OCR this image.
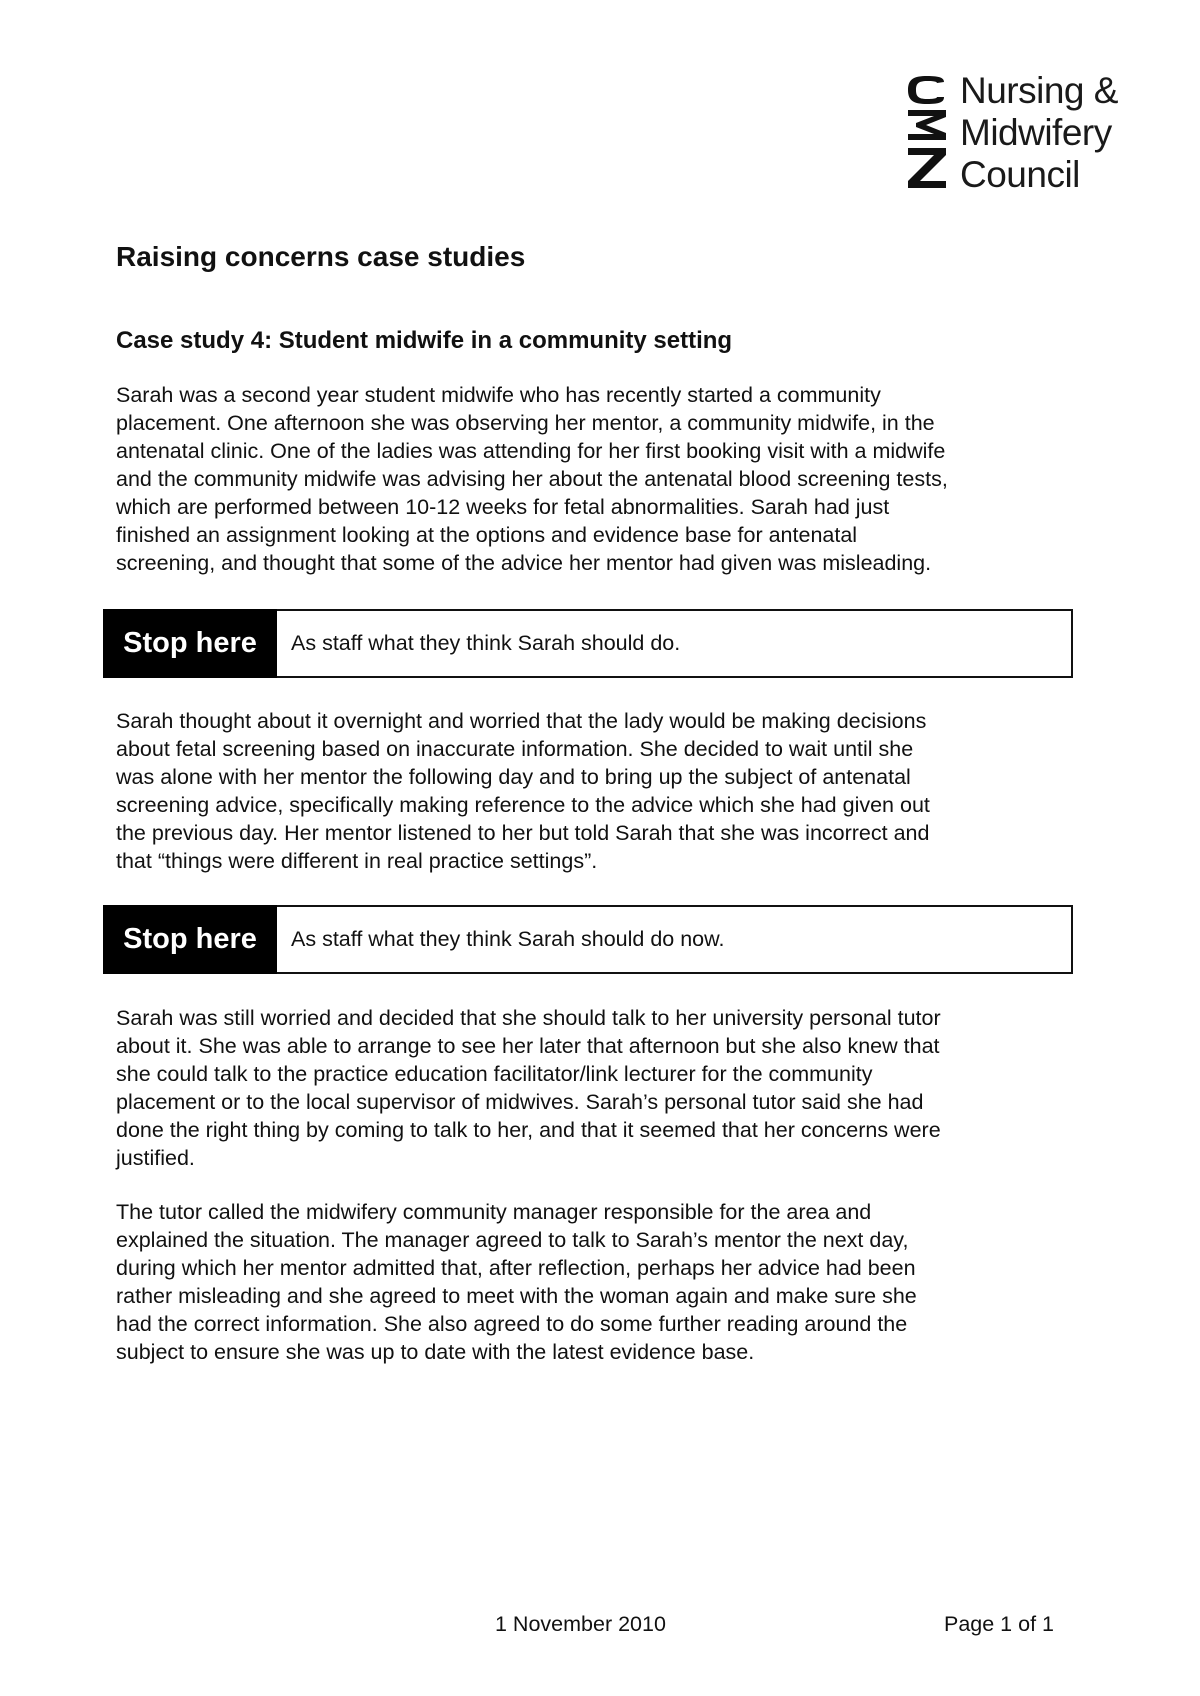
Nursing &
Midwifery
Council
Raising concerns case studies
Case study 4: Student midwife in a community setting

Sarah was a second year student midwife who has recently started a community
placement. One afternoon she was observing her mentor, a community midwife, in the
antenatal clinic. One of the ladies was attending for her first booking visit with a midwife
and the community midwife was advising her about the antenatal blood screening tests,
which are performed between 10-12 weeks for fetal abnormalities. Sarah had just
finished an assignment looking at the options and evidence base for antenatal
screening, and thought that some of the advice her mentor had given was misleading.

Stop here	As staff what they think Sarah should do.

Sarah thought about it overnight and worried that the lady would be making decisions
about fetal screening based on inaccurate information. She decided to wait until she
was alone with her mentor the following day and to bring up the subject of antenatal
screening advice, specifically making reference to the advice which she had given out
the previous day. Her mentor listened to her but told Sarah that she was incorrect and
that “things were different in real practice settings”.

Stop here	As staff what they think Sarah should do now.

Sarah was still worried and decided that she should talk to her university personal tutor
about it. She was able to arrange to see her later that afternoon but she also knew that
she could talk to the practice education facilitator/link lecturer for the community
placement or to the local supervisor of midwives. Sarah’s personal tutor said she had
done the right thing by coming to talk to her, and that it seemed that her concerns were
justified.

The tutor called the midwifery community manager responsible for the area and
explained the situation. The manager agreed to talk to Sarah’s mentor the next day,
during which her mentor admitted that, after reflection, perhaps her advice had been
rather misleading and she agreed to meet with the woman again and make sure she
had the correct information. She also agreed to do some further reading around the
subject to ensure she was up to date with the latest evidence base.

1 November 2010	Page 1 of 1
